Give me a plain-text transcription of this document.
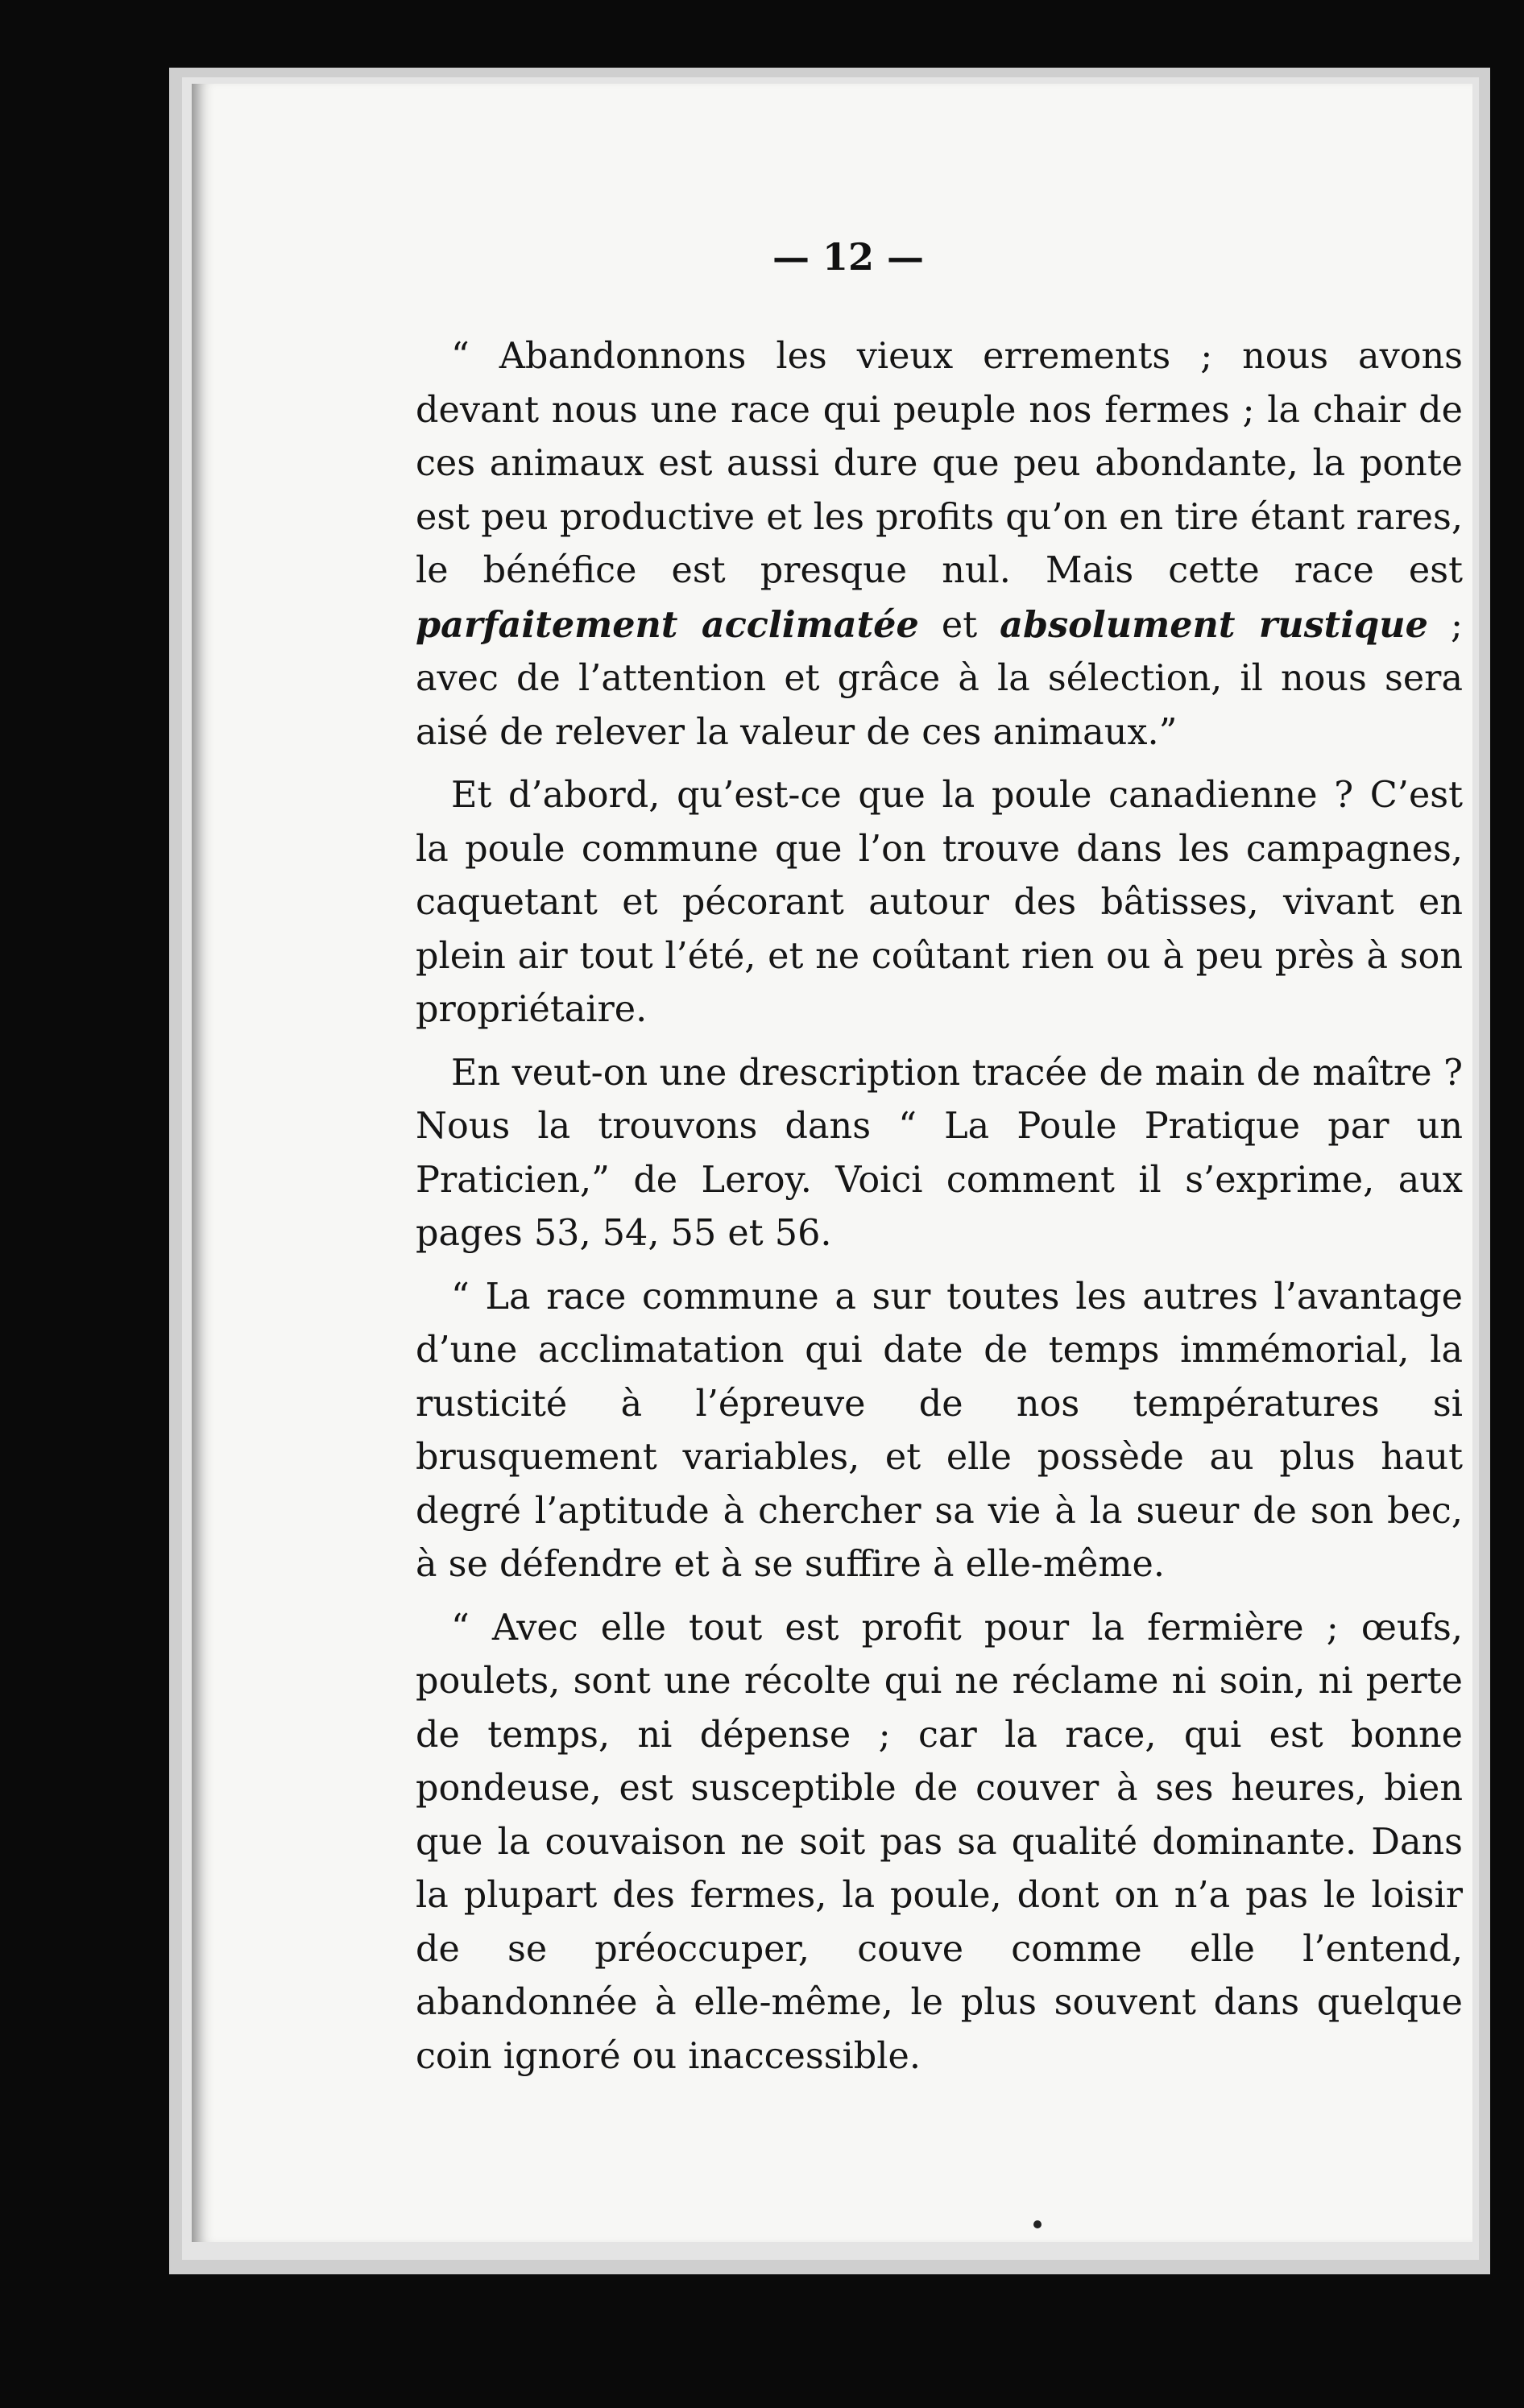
— 12 —

“ Abandonnons les vieux errements ; nous avons devant nous une race qui peuple nos fermes ; la chair de ces animaux est aussi dure que peu abondante, la ponte est peu productive et les profits qu’on en tire étant rares, le bénéfice est presque nul. Mais cette race est parfaitement acclimatée et absolument rustique ; avec de l’attention et grâce à la sélection, il nous sera aisé de relever la valeur de ces animaux.”

Et d’abord, qu’est-ce que la poule canadienne ? C’est la poule commune que l’on trouve dans les campagnes, caquetant et pécorant autour des bâtisses, vivant en plein air tout l’été, et ne coûtant rien ou à peu près à son propriétaire.

En veut-on une drescription tracée de main de maître ? Nous la trouvons dans “ La Poule Pratique par un Praticien,” de Leroy. Voici comment il s’exprime, aux pages 53, 54, 55 et 56.

“ La race commune a sur toutes les autres l’avantage d’une acclimatation qui date de temps immémorial, la rusticité à l’épreuve de nos températures si brusquement variables, et elle possède au plus haut degré l’aptitude à chercher sa vie à la sueur de son bec, à se défendre et à se suffire à elle-même.

“ Avec elle tout est profit pour la fermière ; œufs, poulets, sont une récolte qui ne réclame ni soin, ni perte de temps, ni dépense ; car la race, qui est bonne pondeuse, est susceptible de couver à ses heures, bien que la couvaison ne soit pas sa qualité dominante. Dans la plupart des fermes, la poule, dont on n’a pas le loisir de se préoccuper, couve comme elle l’entend, abandonnée à elle-même, le plus souvent dans quelque coin ignoré ou inaccessible.
